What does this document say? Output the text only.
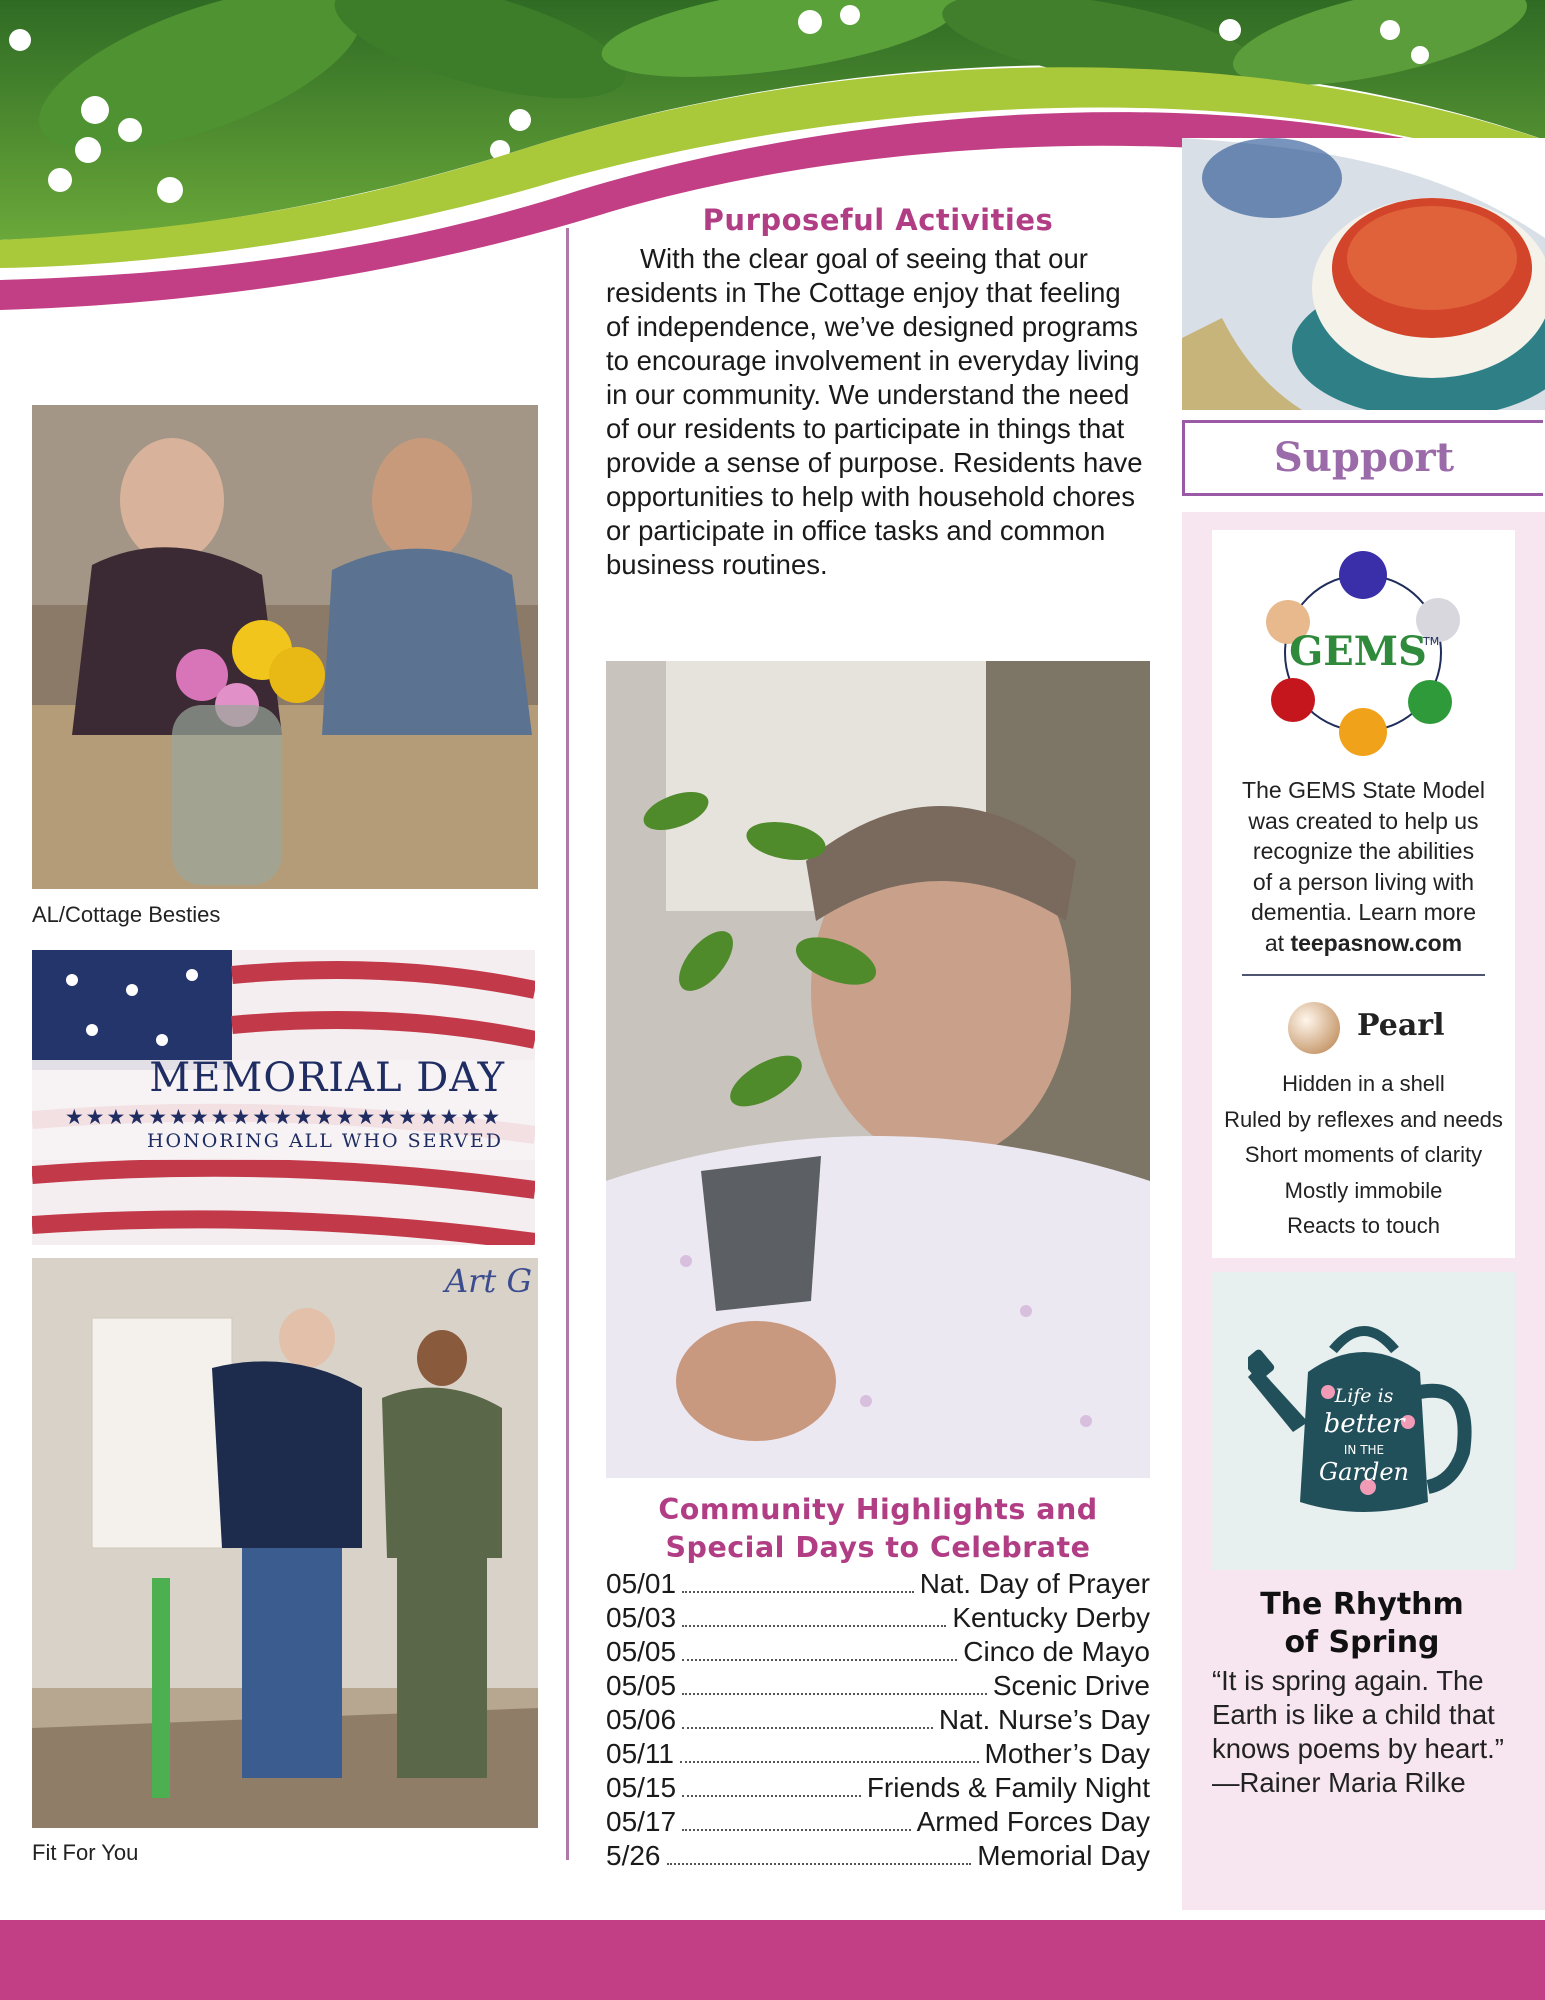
AL/Cottage Besties
MEMORIAL DAY
★★★★★★★★★★★★★★★★★★★★★
HONORING ALL WHO SERVED
Art G
Fit For You
Purposeful Activities
With the clear goal of seeing that our residents in The Cottage enjoy that feeling of independence, we’ve designed programs to encourage involvement in everyday living in our community. We understand the need of our residents to participate in things that provide a sense of purpose. Residents have opportunities to help with household chores or participate in office tasks and common business routines.
Community Highlights and
Special Days to Celebrate
05/01	Nat. Day of Prayer
05/03	Kentucky Derby
05/05	Cinco de Mayo
05/05	Scenic Drive
05/06	Nat. Nurse’s Day
05/11	Mother’s Day
05/15	Friends & Family Night
05/17	Armed Forces Day
5/26	Memorial Day
Support
GEMS
TM
The GEMS State Model
was created to help us
recognize the abilities
of a person living with
dementia. Learn more
at teepasnow.com
Pearl
Hidden in a shell
Ruled by reflexes and needs
Short moments of clarity
Mostly immobile
Reacts to touch
Life is
better
IN THE
Garden
The Rhythm
of Spring
“It is spring again. The Earth is like a child that knows poems by heart.” —Rainer Maria Rilke
